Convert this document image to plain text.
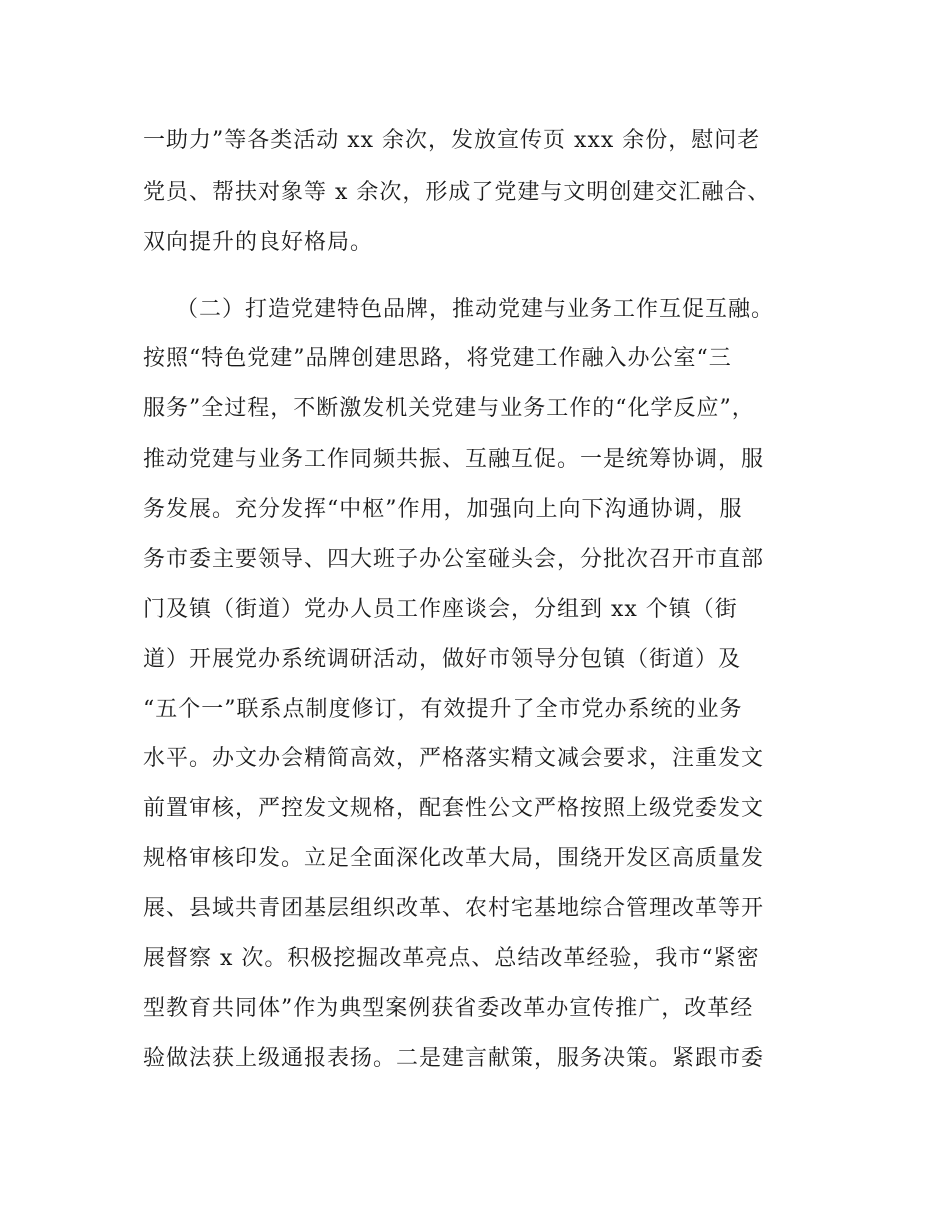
一助力”等各类活动 xx 余次，发放宣传页 xxx 余份，慰问老
党员、帮扶对象等 x 余次，形成了党建与文明创建交汇融合、
双向提升的良好格局。
（二）打造党建特色品牌，推动党建与业务工作互促互融。
按照“特色党建”品牌创建思路，将党建工作融入办公室“三
服务”全过程，不断激发机关党建与业务工作的“化学反应”，
推动党建与业务工作同频共振、互融互促。一是统筹协调，服
务发展。充分发挥“中枢”作用，加强向上向下沟通协调，服
务市委主要领导、四大班子办公室碰头会，分批次召开市直部
门及镇（街道）党办人员工作座谈会，分组到 xx 个镇（街
道）开展党办系统调研活动，做好市领导分包镇（街道）及
“五个一”联系点制度修订，有效提升了全市党办系统的业务
水平。办文办会精简高效，严格落实精文减会要求，注重发文
前置审核，严控发文规格，配套性公文严格按照上级党委发文
规格审核印发。立足全面深化改革大局，围绕开发区高质量发
展、县域共青团基层组织改革、农村宅基地综合管理改革等开
展督察 x 次。积极挖掘改革亮点、总结改革经验，我市“紧密
型教育共同体”作为典型案例获省委改革办宣传推广，改革经
验做法获上级通报表扬。二是建言献策，服务决策。紧跟市委
